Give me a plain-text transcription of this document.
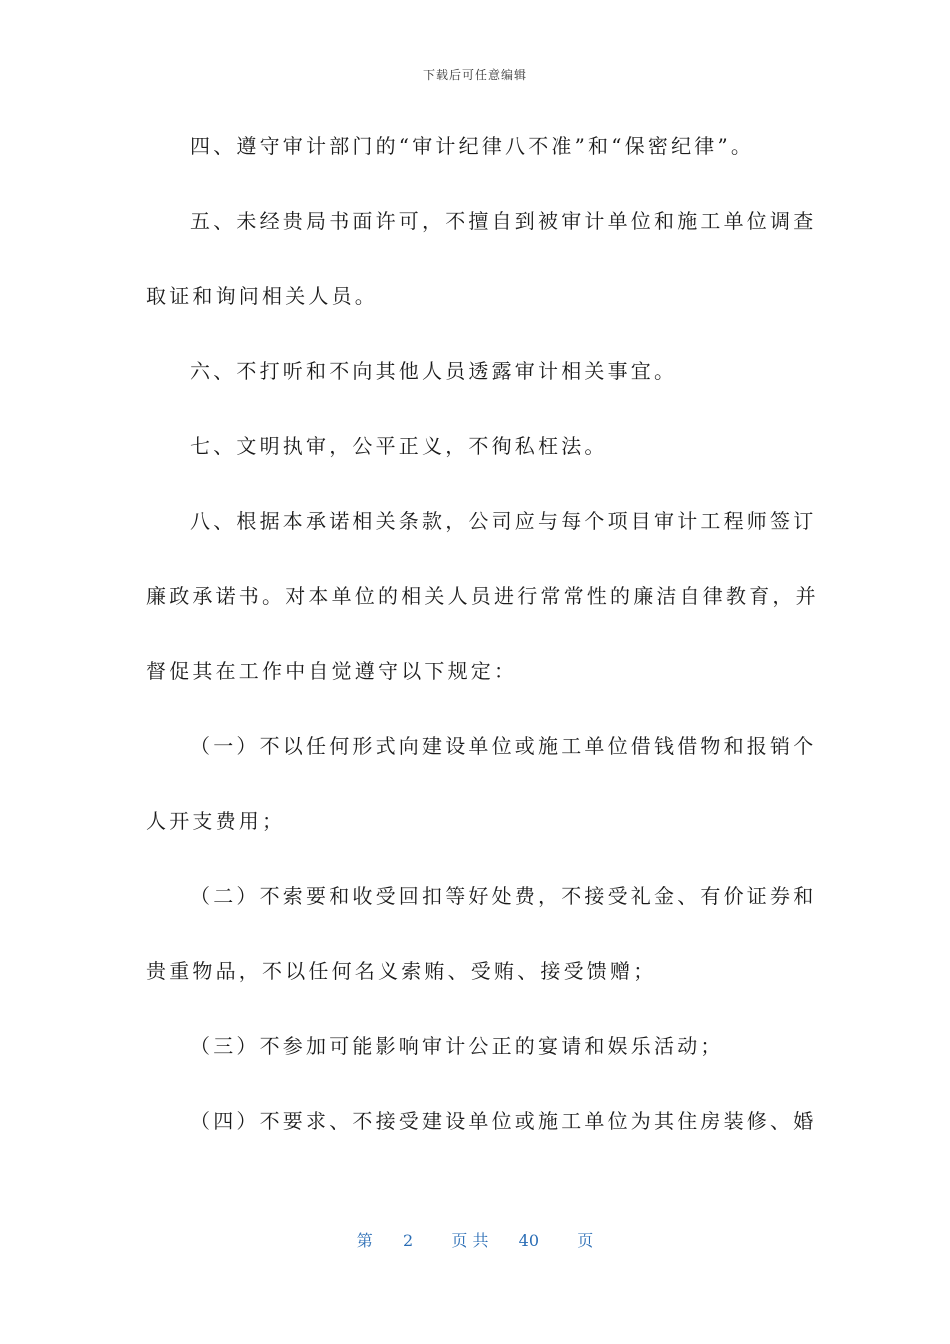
下载后可任意编辑
四、遵守审计部门的“审计纪律八不准”和“保密纪律”。
五、未经贵局书面许可，不擅自到被审计单位和施工单位调查
取证和询问相关人员。
六、不打听和不向其他人员透露审计相关事宜。
七、文明执审，公平正义，不徇私枉法。
八、根据本承诺相关条款，公司应与每个项目审计工程师签订
廉政承诺书。对本单位的相关人员进行常常性的廉洁自律教育，并
督促其在工作中自觉遵守以下规定：
（一）不以任何形式向建设单位或施工单位借钱借物和报销个
人开支费用；
（二）不索要和收受回扣等好处费，不接受礼金、有价证券和
贵重物品，不以任何名义索贿、受贿、接受馈赠；
（三）不参加可能影响审计公正的宴请和娱乐活动；
（四）不要求、不接受建设单位或施工单位为其住房装修、婚
第 2 页 共 40 页
